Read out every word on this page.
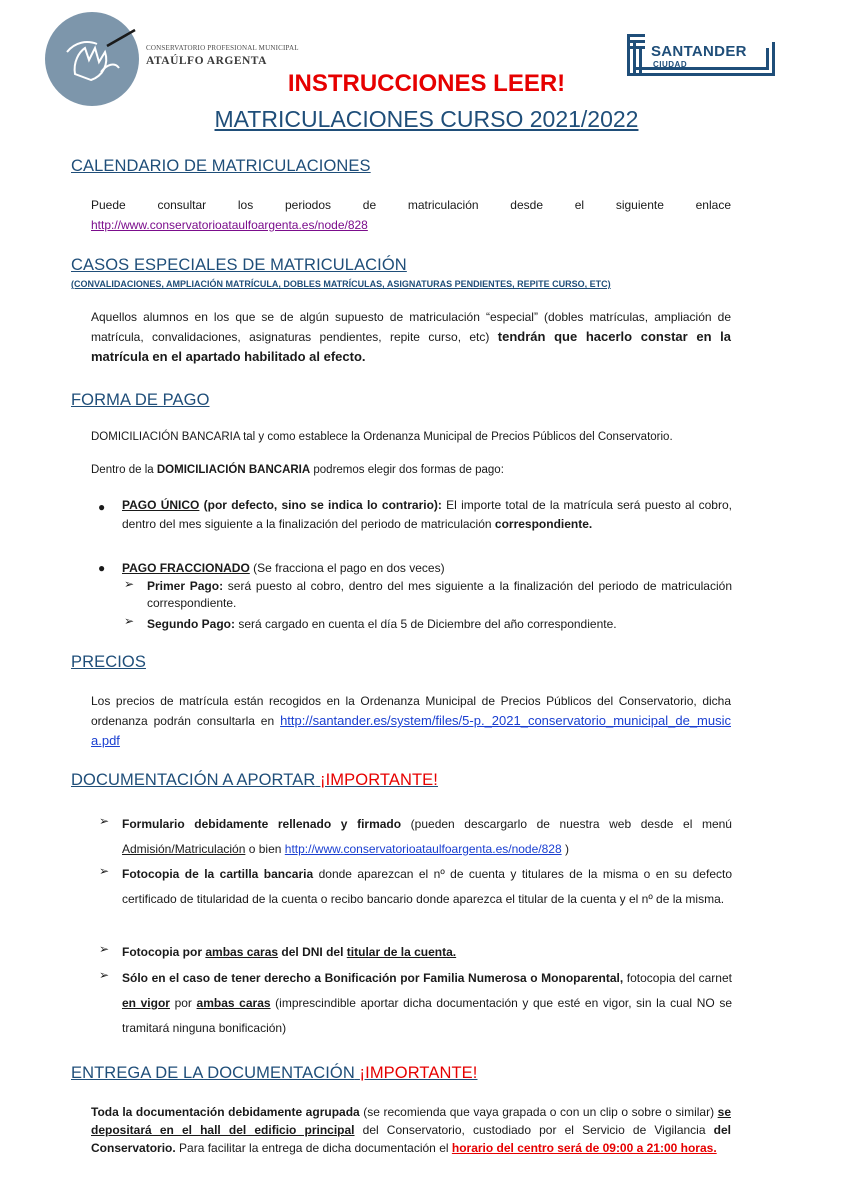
CONSERVATORIO PROFESIONAL MUNICIPAL
ATAÚLFO ARGENTA
SANTANDER
CIUDAD
INSTRUCCIONES LEER!
MATRICULACIONES CURSO 2021/2022
CALENDARIO DE MATRICULACIONES
Puede consultar los periodos de matriculación desde el siguiente enlace
http://www.conservatorioataulfoargenta.es/node/828
CASOS ESPECIALES DE MATRICULACIÓN
(CONVALIDACIONES, AMPLIACIÓN MATRÍCULA, DOBLES MATRÍCULAS, ASIGNATURAS PENDIENTES, REPITE CURSO, ETC)
Aquellos alumnos en los que se de algún supuesto de matriculación “especial” (dobles matrículas, ampliación de matrícula, convalidaciones, asignaturas pendientes, repite curso, etc) tendrán que hacerlo constar en la matrícula en el apartado habilitado al efecto.
FORMA DE PAGO
DOMICILIACIÓN BANCARIA tal y como establece la Ordenanza Municipal de Precios Públicos del Conservatorio.
Dentro de la DOMICILIACIÓN BANCARIA podremos elegir dos formas de pago:
● PAGO ÚNICO (por defecto, sino se indica lo contrario): El importe total de la matrícula será puesto al cobro, dentro del mes siguiente a la finalización del periodo de matriculación correspondiente.
● PAGO FRACCIONADO (Se fracciona el pago en dos veces)
➢ Primer Pago: será puesto al cobro, dentro del mes siguiente a la finalización del periodo de matriculación correspondiente.
➢ Segundo Pago: será cargado en cuenta el día 5 de Diciembre del año correspondiente.
PRECIOS
Los precios de matrícula están recogidos en la Ordenanza Municipal de Precios Públicos del Conservatorio, dicha ordenanza podrán consultarla en http://santander.es/system/files/5-p._2021_conservatorio_municipal_de_musica.pdf
DOCUMENTACIÓN A APORTAR ¡IMPORTANTE!
➢ Formulario debidamente rellenado y firmado (pueden descargarlo de nuestra web desde el menú Admisión/Matriculación o bien http://www.conservatorioataulfoargenta.es/node/828 )
➢ Fotocopia de la cartilla bancaria donde aparezcan el nº de cuenta y titulares de la misma o en su defecto certificado de titularidad de la cuenta o recibo bancario donde aparezca el titular de la cuenta y el nº de la misma.
➢ Fotocopia por ambas caras del DNI del titular de la cuenta.
➢ Sólo en el caso de tener derecho a Bonificación por Familia Numerosa o Monoparental, fotocopia del carnet en vigor por ambas caras (imprescindible aportar dicha documentación y que esté en vigor, sin la cual NO se tramitará ninguna bonificación)
ENTREGA DE LA DOCUMENTACIÓN ¡IMPORTANTE!
Toda la documentación debidamente agrupada (se recomienda que vaya grapada o con un clip o sobre o similar) se depositará en el hall del edificio principal del Conservatorio, custodiado por el Servicio de Vigilancia del Conservatorio. Para facilitar la entrega de dicha documentación el horario del centro será de 09:00 a 21:00 horas.
